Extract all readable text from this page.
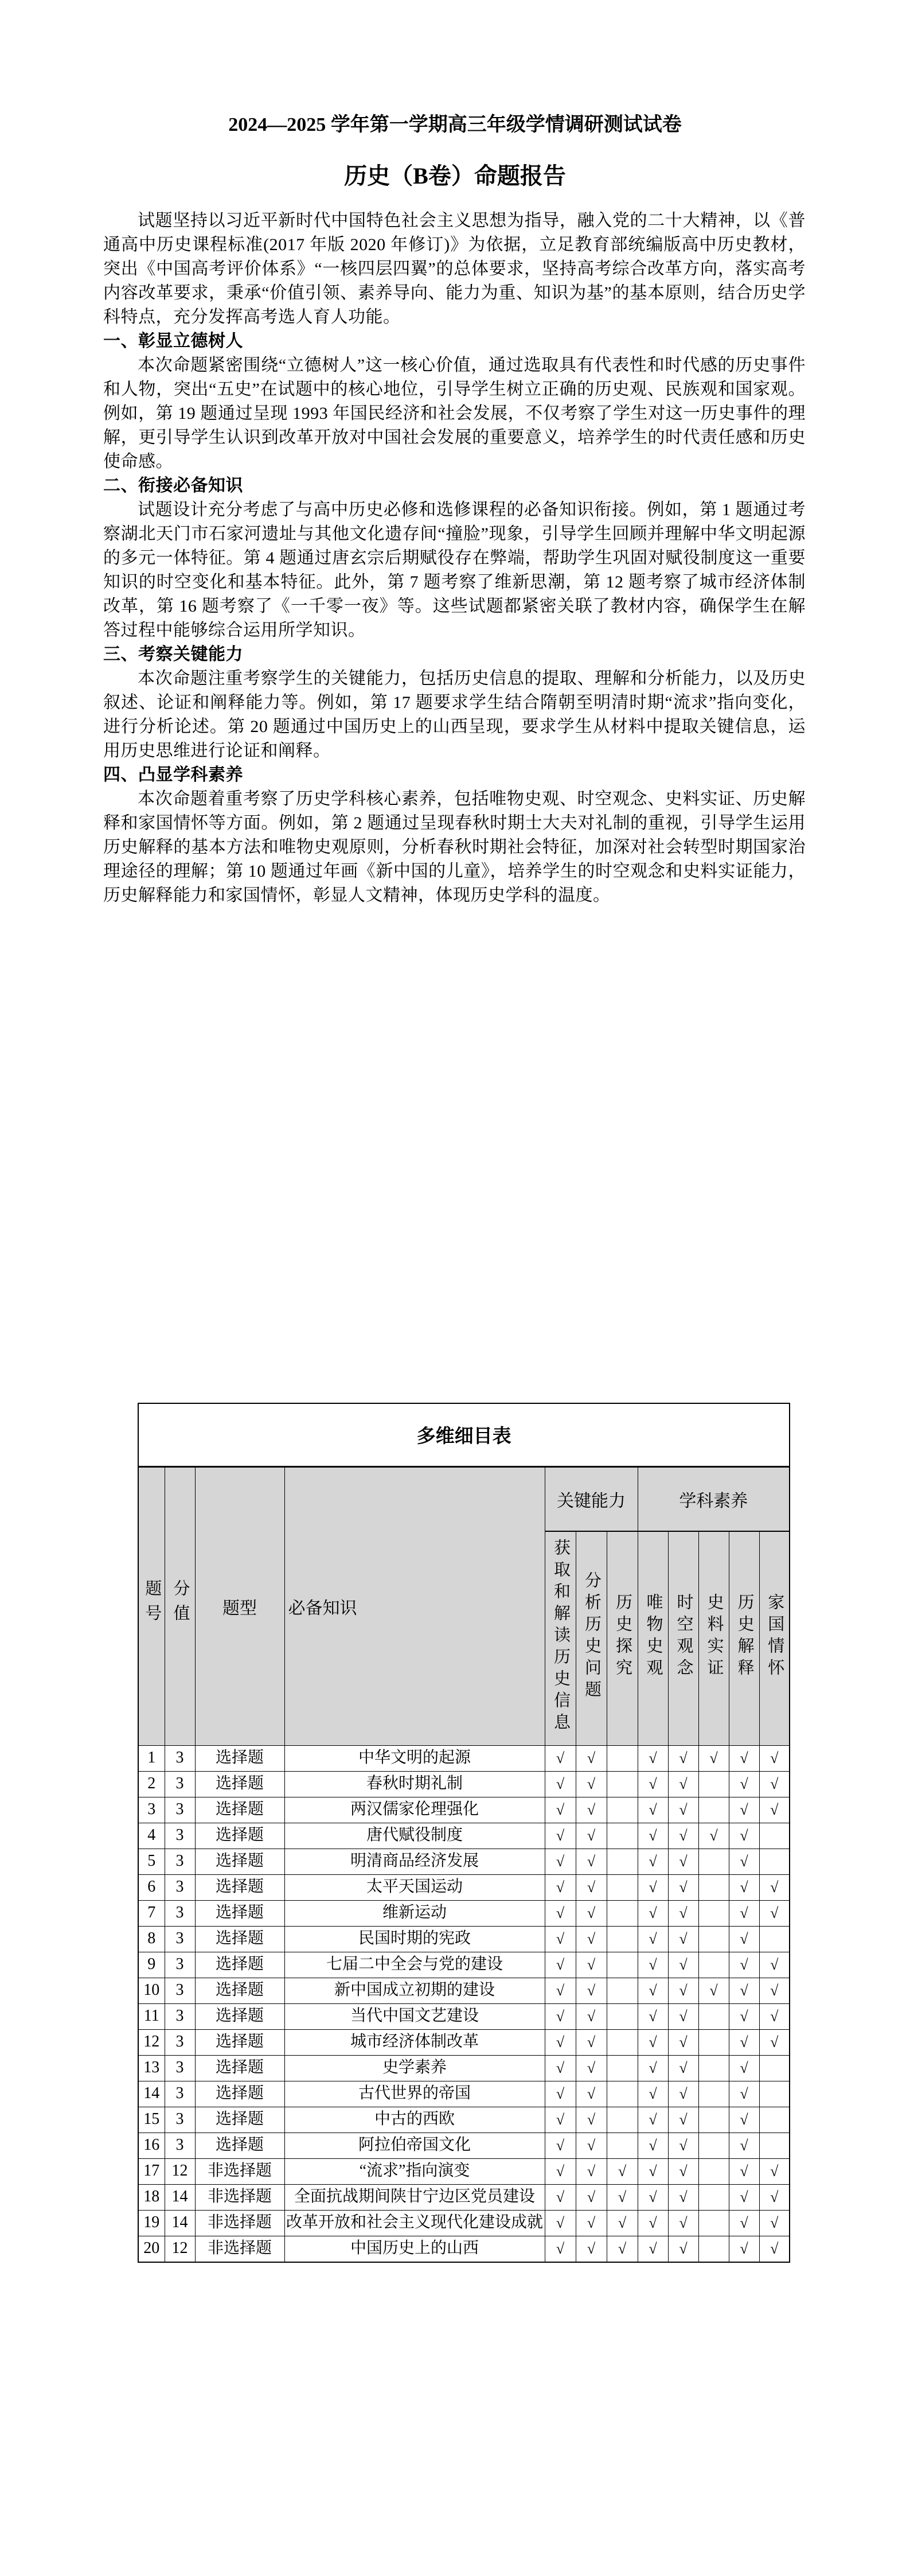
2024—2025 学年第一学期高三年级学情调研测试试卷
历史（B卷）命题报告

试题坚持以习近平新时代中国特色社会主义思想为指导，融入党的二十大精神，以《普通高中历史课程标准(2017 年版 2020 年修订)》为依据，立足教育部统编版高中历史教材，突出《中国高考评价体系》“一核四层四翼”的总体要求，坚持高考综合改革方向，落实高考内容改革要求，秉承“价值引领、素养导向、能力为重、知识为基”的基本原则，结合历史学科特点，充分发挥高考选人育人功能。

一、彰显立德树人

本次命题紧密围绕“立德树人”这一核心价值，通过选取具有代表性和时代感的历史事件和人物，突出“五史”在试题中的核心地位，引导学生树立正确的历史观、民族观和国家观。例如，第 19 题通过呈现 1993 年国民经济和社会发展，不仅考察了学生对这一历史事件的理解，更引导学生认识到改革开放对中国社会发展的重要意义，培养学生的时代责任感和历史使命感。

二、衔接必备知识

试题设计充分考虑了与高中历史必修和选修课程的必备知识衔接。例如，第 1 题通过考察湖北天门市石家河遗址与其他文化遗存间“撞脸”现象，引导学生回顾并理解中华文明起源的多元一体特征。第 4 题通过唐玄宗后期赋役存在弊端，帮助学生巩固对赋役制度这一重要知识的时空变化和基本特征。此外，第 7 题考察了维新思潮，第 12 题考察了城市经济体制改革，第 16 题考察了《一千零一夜》等。这些试题都紧密关联了教材内容，确保学生在解答过程中能够综合运用所学知识。

三、考察关键能力

本次命题注重考察学生的关键能力，包括历史信息的提取、理解和分析能力，以及历史叙述、论证和阐释能力等。例如，第 17 题要求学生结合隋朝至明清时期“流求”指向变化，进行分析论述。第 20 题通过中国历史上的山西呈现，要求学生从材料中提取关键信息，运用历史思维进行论证和阐释。

四、凸显学科素养

本次命题着重考察了历史学科核心素养，包括唯物史观、时空观念、史料实证、历史解释和家国情怀等方面。例如，第 2 题通过呈现春秋时期士大夫对礼制的重视，引导学生运用历史解释的基本方法和唯物史观原则，分析春秋时期社会特征，加深对社会转型时期国家治理途径的理解；第 10 题通过年画《新中国的儿童》，培养学生的时空观念和史料实证能力，历史解释能力和家国情怀，彰显人文精神，体现历史学科的温度。

多维细目表											
题号	分值	题型	必备知识	关键能力			学科素养				
				获取和解读历史信息	分析历史问题	历史探究	唯物史观	时空观念	史料实证	历史解释	家国情怀
1	3	选择题	中华文明的起源	√	√		√	√	√	√	√
2	3	选择题	春秋时期礼制	√	√		√	√		√	√
3	3	选择题	两汉儒家伦理强化	√	√		√	√		√	√
4	3	选择题	唐代赋役制度	√	√		√	√	√	√	
5	3	选择题	明清商品经济发展	√	√		√	√		√	
6	3	选择题	太平天国运动	√	√		√	√		√	√
7	3	选择题	维新运动	√	√		√	√		√	√
8	3	选择题	民国时期的宪政	√	√		√	√		√	
9	3	选择题	七届二中全会与党的建设	√	√		√	√		√	√
10	3	选择题	新中国成立初期的建设	√	√		√	√	√	√	√
11	3	选择题	当代中国文艺建设	√	√		√	√		√	√
12	3	选择题	城市经济体制改革	√	√		√	√		√	√
13	3	选择题	史学素养	√	√		√	√		√	
14	3	选择题	古代世界的帝国	√	√		√	√		√	
15	3	选择题	中古的西欧	√	√		√	√		√	
16	3	选择题	阿拉伯帝国文化	√	√		√	√		√	
17	12	非选择题	“流求”指向演变	√	√	√	√	√		√	√
18	14	非选择题	全面抗战期间陕甘宁边区党员建设	√	√	√	√	√		√	√
19	14	非选择题	改革开放和社会主义现代化建设成就	√	√	√	√	√		√	√
20	12	非选择题	中国历史上的山西	√	√	√	√	√		√	√
